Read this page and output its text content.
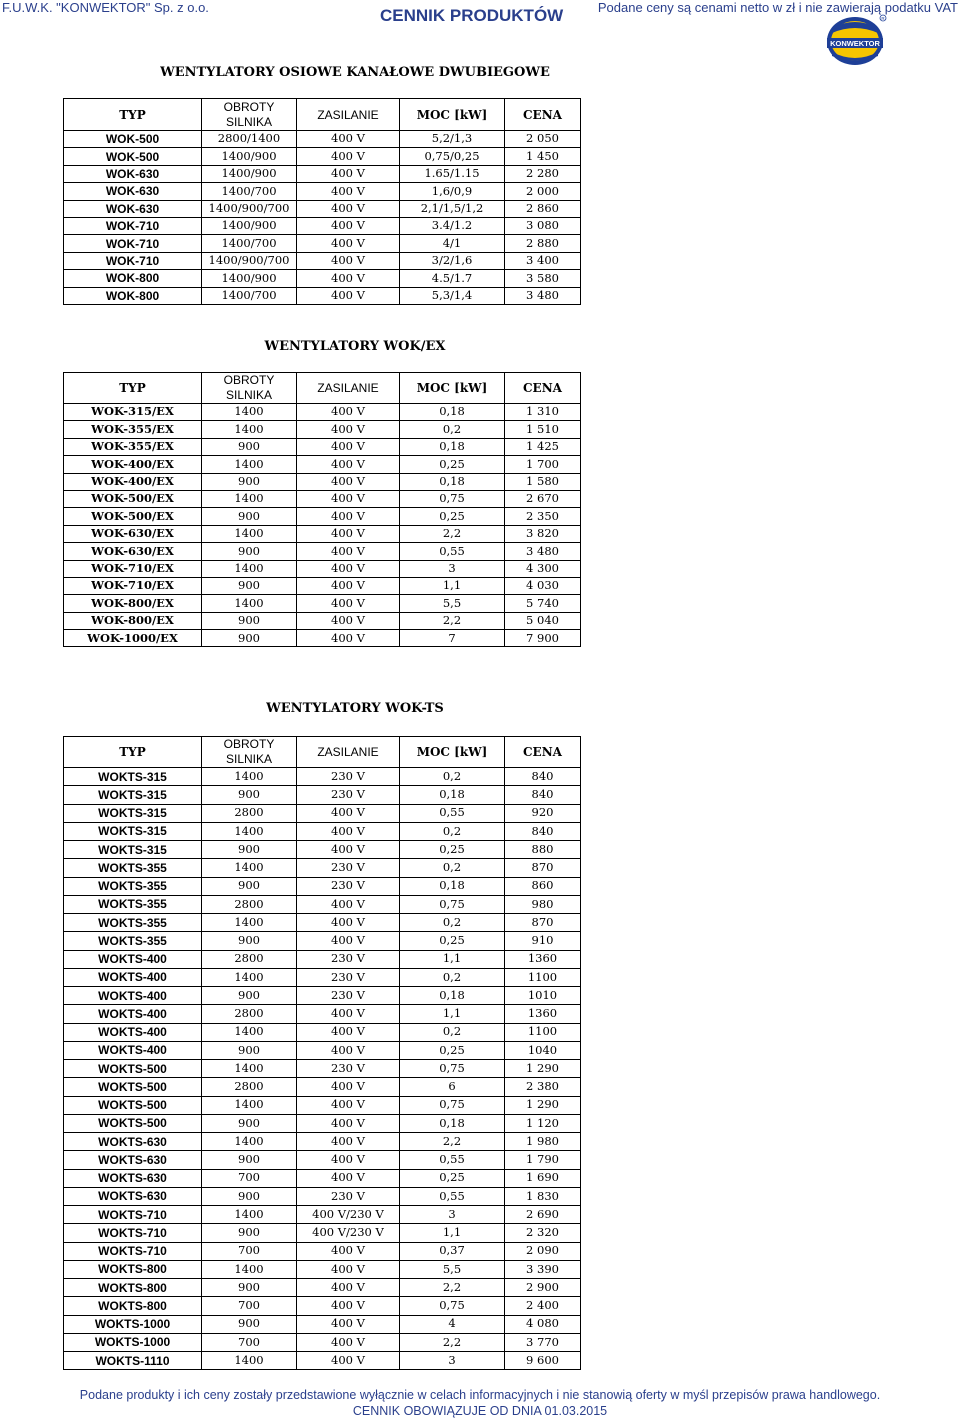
F.U.W.K. "KONWEKTOR" Sp. z o.o.	CENNIK PRODUKTÓW	Podane ceny są cenami netto w zł i nie zawierają podatku VAT
KONWEKTOR
R
WENTYLATORY OSIOWE KANAŁOWE DWUBIEGOWE
TYP	OBROTY
SILNIKA	ZASILANIE	MOC [kW]	CENA
WOK-500	2800/1400	400 V	5,2/1,3	2 050
WOK-500	1400/900	400 V	0,75/0,25	1 450
WOK-630	1400/900	400 V	1.65/1.15	2 280
WOK-630	1400/700	400 V	1,6/0,9	2 000
WOK-630	1400/900/700	400 V	2,1/1,5/1,2	2 860
WOK-710	1400/900	400 V	3.4/1.2	3 080
WOK-710	1400/700	400 V	4/1	2 880
WOK-710	1400/900/700	400 V	3/2/1,6	3 400
WOK-800	1400/900	400 V	4.5/1.7	3 580
WOK-800	1400/700	400 V	5,3/1,4	3 480
WENTYLATORY WOK/EX
TYP	OBROTY
SILNIKA	ZASILANIE	MOC [kW]	CENA
WOK-315/EX	1400	400 V	0,18	1 310
WOK-355/EX	1400	400 V	0,2	1 510
WOK-355/EX	900	400 V	0,18	1 425
WOK-400/EX	1400	400 V	0,25	1 700
WOK-400/EX	900	400 V	0,18	1 580
WOK-500/EX	1400	400 V	0,75	2 670
WOK-500/EX	900	400 V	0,25	2 350
WOK-630/EX	1400	400 V	2,2	3 820
WOK-630/EX	900	400 V	0,55	3 480
WOK-710/EX	1400	400 V	3	4 300
WOK-710/EX	900	400 V	1,1	4 030
WOK-800/EX	1400	400 V	5,5	5 740
WOK-800/EX	900	400 V	2,2	5 040
WOK-1000/EX	900	400 V	7	7 900
WENTYLATORY WOK-TS
TYP	OBROTY
SILNIKA	ZASILANIE	MOC [kW]	CENA
WOKTS-315	1400	230 V	0,2	840
WOKTS-315	900	230 V	0,18	840
WOKTS-315	2800	400 V	0,55	920
WOKTS-315	1400	400 V	0,2	840
WOKTS-315	900	400 V	0,25	880
WOKTS-355	1400	230 V	0,2	870
WOKTS-355	900	230 V	0,18	860
WOKTS-355	2800	400 V	0,75	980
WOKTS-355	1400	400 V	0,2	870
WOKTS-355	900	400 V	0,25	910
WOKTS-400	2800	230 V	1,1	1360
WOKTS-400	1400	230 V	0,2	1100
WOKTS-400	900	230 V	0,18	1010
WOKTS-400	2800	400 V	1,1	1360
WOKTS-400	1400	400 V	0,2	1100
WOKTS-400	900	400 V	0,25	1040
WOKTS-500	1400	230 V	0,75	1 290
WOKTS-500	2800	400 V	6	2 380
WOKTS-500	1400	400 V	0,75	1 290
WOKTS-500	900	400 V	0,18	1 120
WOKTS-630	1400	400 V	2,2	1 980
WOKTS-630	900	400 V	0,55	1 790
WOKTS-630	700	400 V	0,25	1 690
WOKTS-630	900	230 V	0,55	1 830
WOKTS-710	1400	400 V/230 V	3	2 690
WOKTS-710	900	400 V/230 V	1,1	2 320
WOKTS-710	700	400 V	0,37	2 090
WOKTS-800	1400	400 V	5,5	3 390
WOKTS-800	900	400 V	2,2	2 900
WOKTS-800	700	400 V	0,75	2 400
WOKTS-1000	900	400 V	4	4 080
WOKTS-1000	700	400 V	2,2	3 770
WOKTS-1110	1400	400 V	3	9 600
Podane produkty i ich ceny zostały przedstawione wyłącznie w celach informacyjnych i nie stanowią oferty w myśl przepisów prawa handlowego.
CENNIK OBOWIĄZUJE OD DNIA 01.03.2015
